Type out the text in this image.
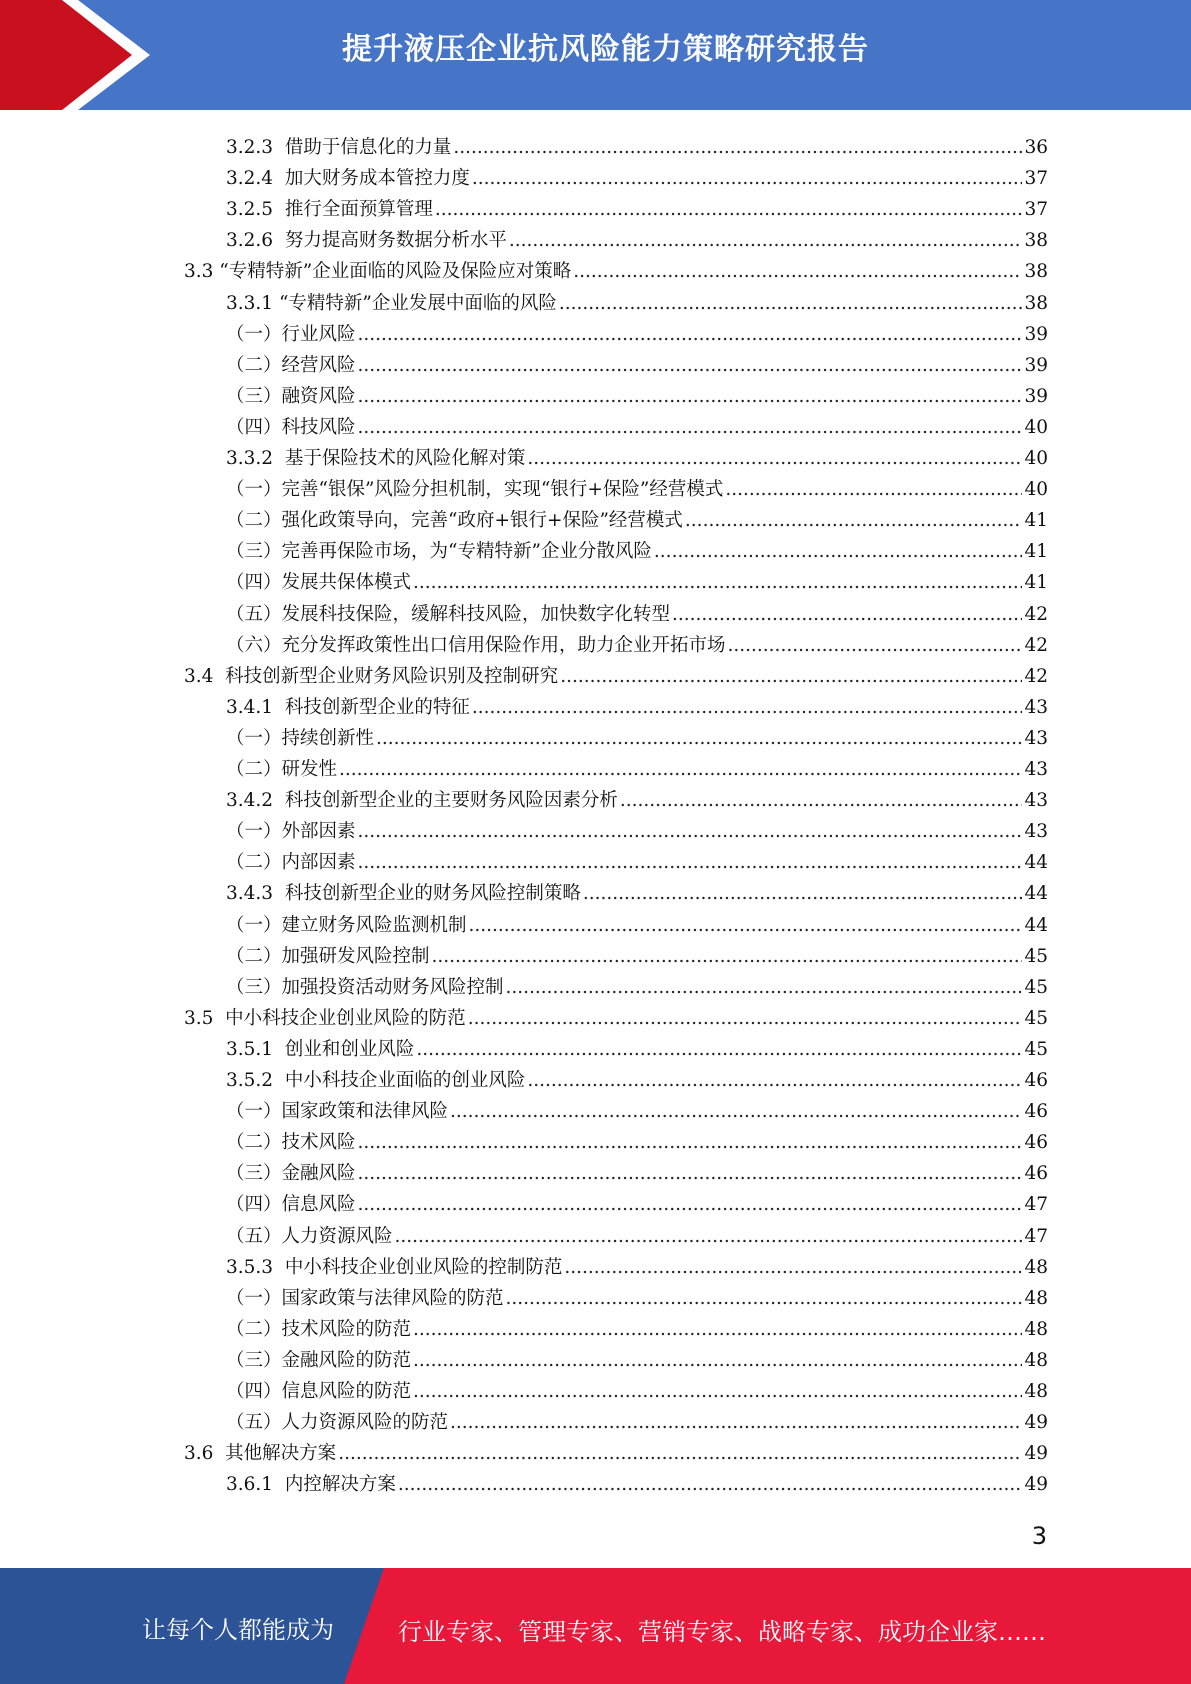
提升液压企业抗风险能力策略研究报告
3.2.3  借助于信息化的力量 .....	36
3.2.4  加大财务成本管控力度 .....	37
3.2.5  推行全面预算管理 .....	37
3.2.6  努力提高财务数据分析水平 .....	38
3.3 “专精特新”企业面临的风险及保险应对策略 .....	38
3.3.1 “专精特新”企业发展中面临的风险 .....	38
（一）行业风险 .....	39
（二）经营风险 .....	39
（三）融资风险 .....	39
（四）科技风险 .....	40
3.3.2  基于保险技术的风险化解对策 .....	40
（一）完善“银保”风险分担机制，实现“银行+保险”经营模式 .....	40
（二）强化政策导向，完善“政府+银行+保险”经营模式 .....	41
（三）完善再保险市场，为“专精特新”企业分散风险 .....	41
（四）发展共保体模式 .....	41
（五）发展科技保险，缓解科技风险，加快数字化转型 .....	42
（六）充分发挥政策性出口信用保险作用，助力企业开拓市场 .....	42
3.4  科技创新型企业财务风险识别及控制研究 .....	42
3.4.1  科技创新型企业的特征 .....	43
（一）持续创新性 .....	43
（二）研发性 .....	43
3.4.2  科技创新型企业的主要财务风险因素分析 .....	43
（一）外部因素 .....	43
（二）内部因素 .....	44
3.4.3  科技创新型企业的财务风险控制策略 .....	44
（一）建立财务风险监测机制 .....	44
（二）加强研发风险控制 .....	45
（三）加强投资活动财务风险控制 .....	45
3.5  中小科技企业创业风险的防范 .....	45
3.5.1  创业和创业风险 .....	45
3.5.2  中小科技企业面临的创业风险 .....	46
（一）国家政策和法律风险 .....	46
（二）技术风险 .....	46
（三）金融风险 .....	46
（四）信息风险 .....	47
（五）人力资源风险 .....	47
3.5.3  中小科技企业创业风险的控制防范 .....	48
（一）国家政策与法律风险的防范 .....	48
（二）技术风险的防范 .....	48
（三）金融风险的防范 .....	48
（四）信息风险的防范 .....	48
（五）人力资源风险的防范 .....	49
3.6  其他解决方案 .....	49
3.6.1  内控解决方案 .....	49
3
让每个人都能成为	行业专家、管理专家、营销专家、战略专家、成功企业家……
